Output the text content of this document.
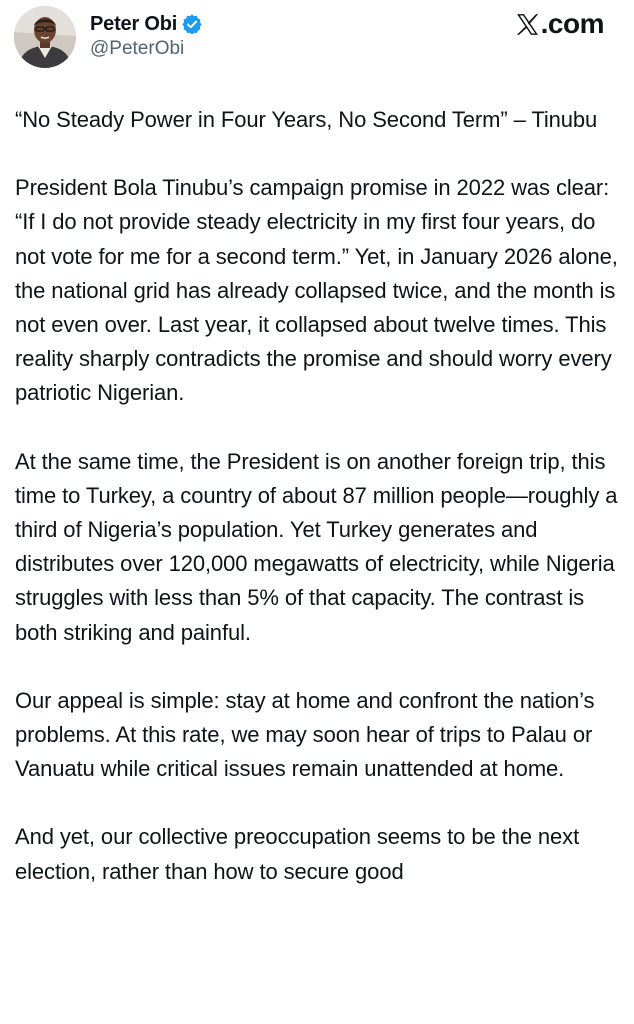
Peter Obi
@PeterObi
.com

“No Steady Power in Four Years, No Second Term” – Tinubu

President Bola Tinubu’s campaign promise in 2022 was clear: “If I do not provide steady electricity in my first four years, do not vote for me for a second term.” Yet, in January 2026 alone, the national grid has already collapsed twice, and the month is not even over. Last year, it collapsed about twelve times. This reality sharply contradicts the promise and should worry every patriotic Nigerian.

At the same time, the President is on another foreign trip, this time to Turkey, a country of about 87 million people—roughly a third of Nigeria’s population. Yet Turkey generates and distributes over 120,000 megawatts of electricity, while Nigeria struggles with less than 5% of that capacity. The contrast is both striking and painful.

Our appeal is simple: stay at home and confront the nation’s problems. At this rate, we may soon hear of trips to Palau or Vanuatu while critical issues remain unattended at home.

And yet, our collective preoccupation seems to be the next election, rather than how to secure good
